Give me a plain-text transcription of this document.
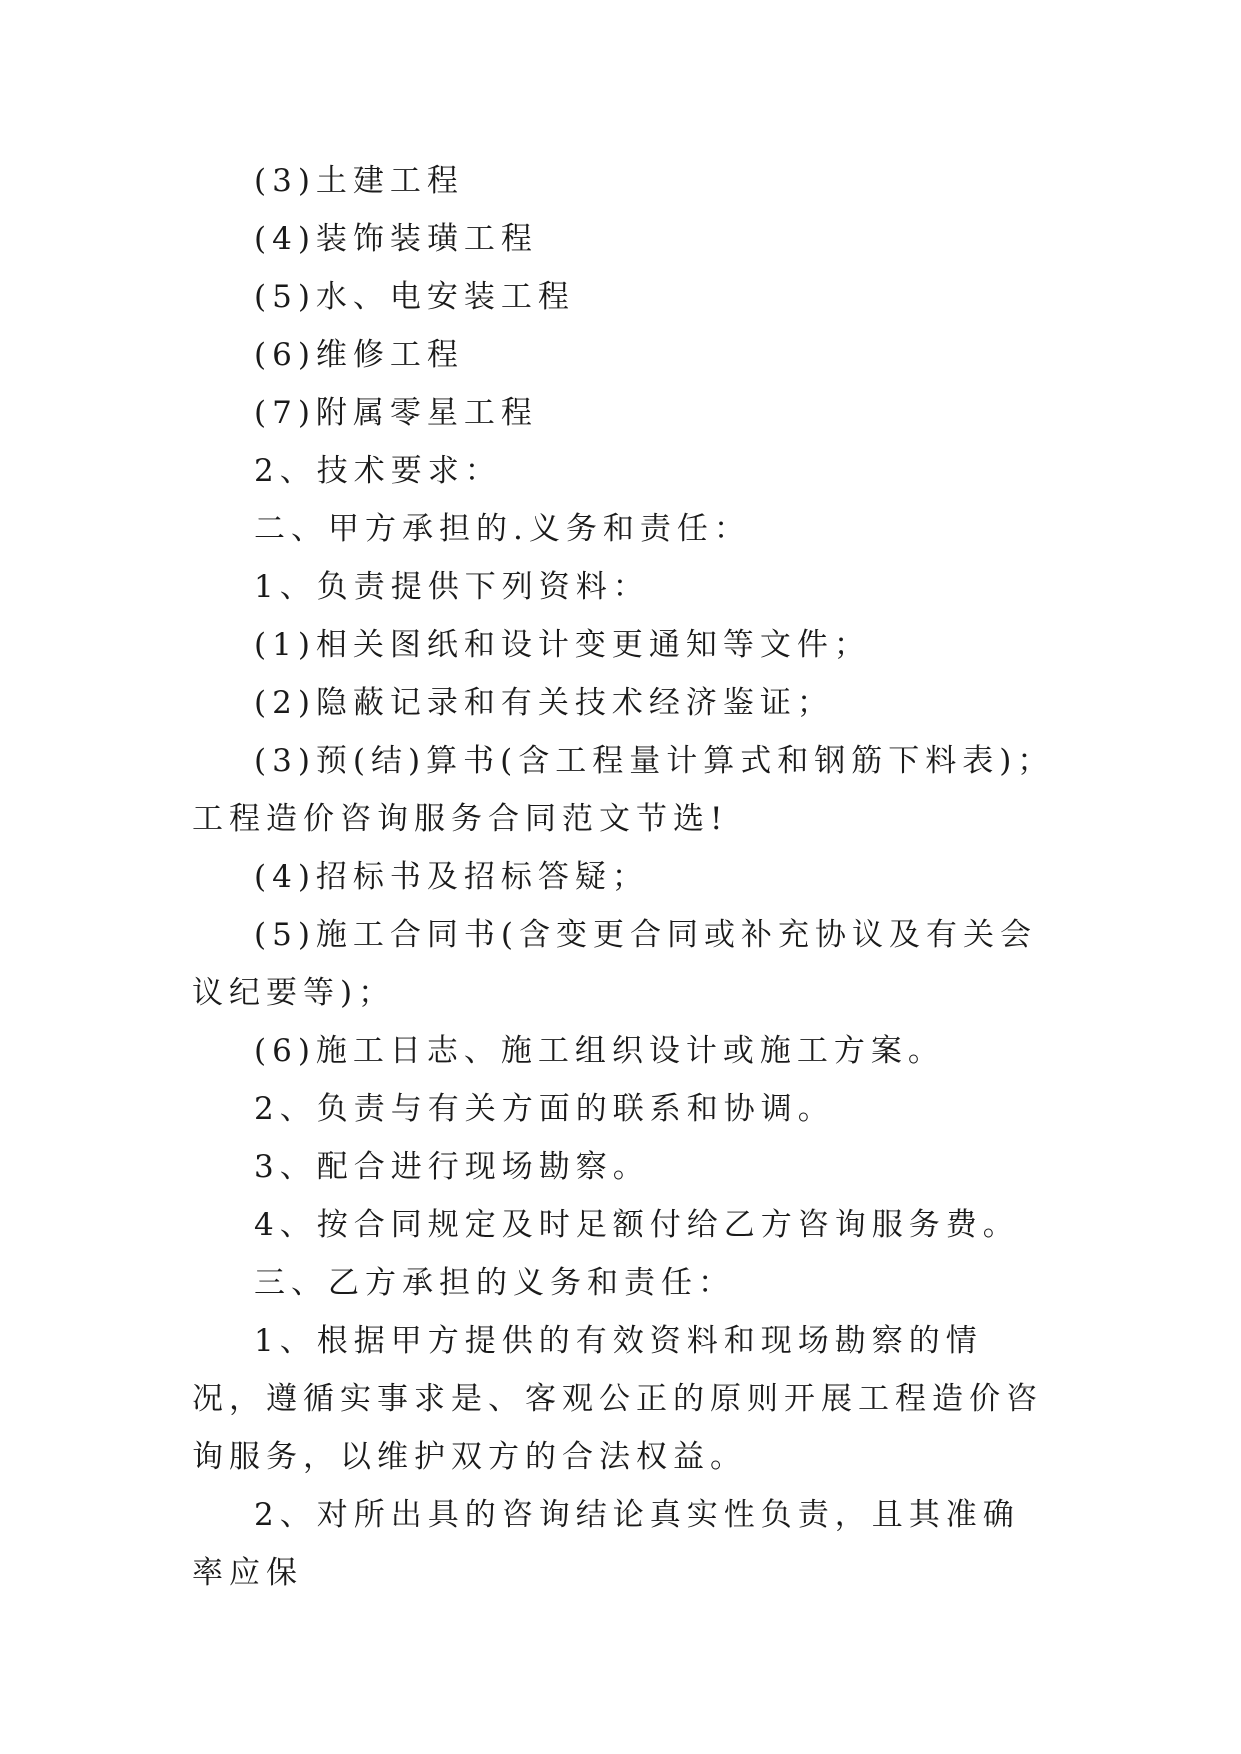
(3)土建工程

(4)装饰装璜工程

(5)水、电安装工程

(6)维修工程

(7)附属零星工程

2、技术要求：

二、甲方承担的.义务和责任：

1、负责提供下列资料：

(1)相关图纸和设计变更通知等文件；

(2)隐蔽记录和有关技术经济鉴证；

(3)预(结)算书(含工程量计算式和钢筋下料表)；工程造价咨询服务合同范文节选!

(4)招标书及招标答疑；

(5)施工合同书(含变更合同或补充协议及有关会议纪要等)；

(6)施工日志、施工组织设计或施工方案。

2、负责与有关方面的联系和协调。

3、配合进行现场勘察。

4、按合同规定及时足额付给乙方咨询服务费。

三、乙方承担的义务和责任：

1、根据甲方提供的有效资料和现场勘察的情况，遵循实事求是、客观公正的原则开展工程造价咨询服务，以维护双方的合法权益。

2、对所出具的咨询结论真实性负责，且其准确率应保
